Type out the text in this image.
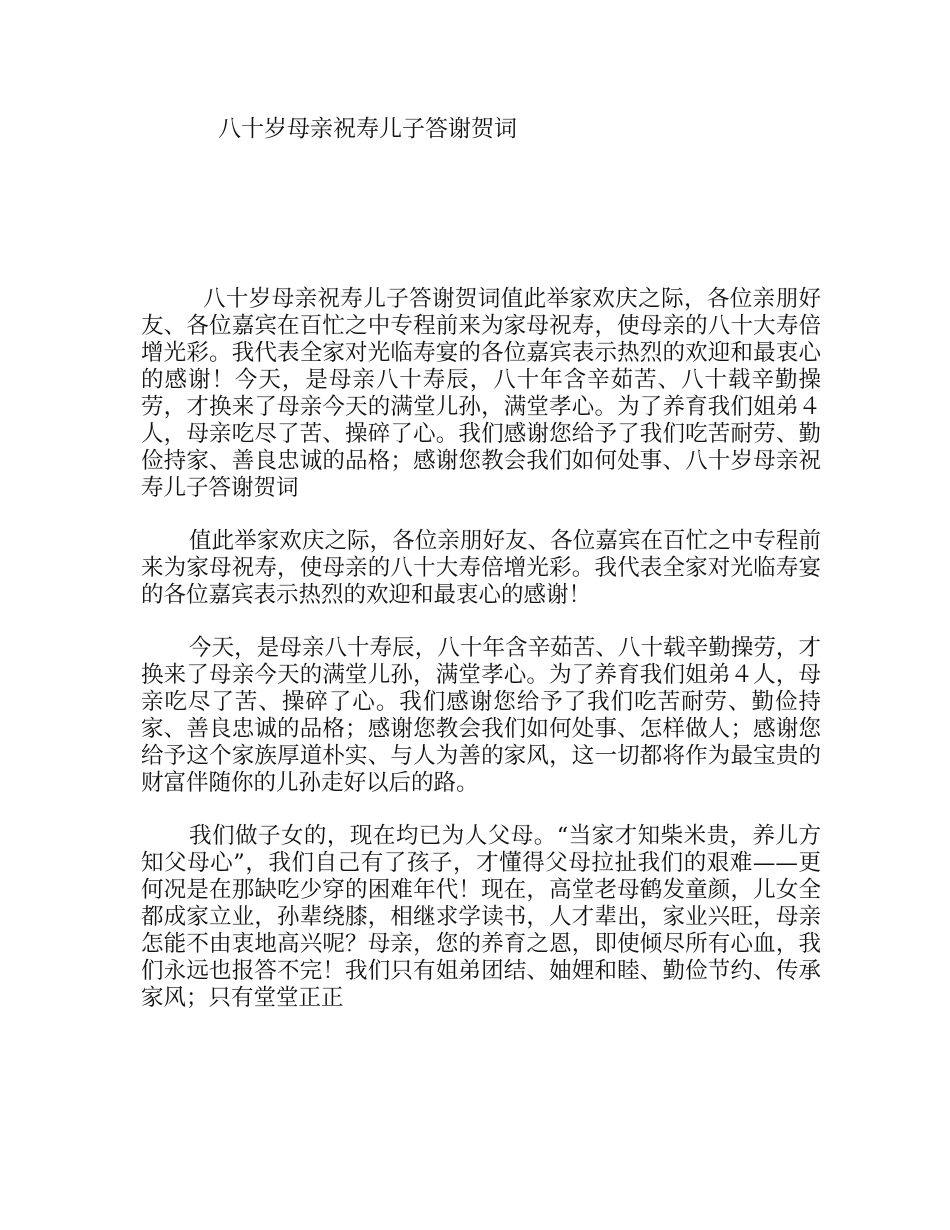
八十岁母亲祝寿儿子答谢贺词

八十岁母亲祝寿儿子答谢贺词值此举家欢庆之际，各位亲朋好友、各位嘉宾在百忙之中专程前来为家母祝寿，使母亲的八十大寿倍增光彩。我代表全家对光临寿宴的各位嘉宾表示热烈的欢迎和最衷心的感谢！今天，是母亲八十寿辰，八十年含辛茹苦、八十载辛勤操劳，才换来了母亲今天的满堂儿孙，满堂孝心。为了养育我们姐弟４人，母亲吃尽了苦、操碎了心。我们感谢您给予了我们吃苦耐劳、勤俭持家、善良忠诚的品格；感谢您教会我们如何处事、八十岁母亲祝寿儿子答谢贺词

值此举家欢庆之际，各位亲朋好友、各位嘉宾在百忙之中专程前来为家母祝寿，使母亲的八十大寿倍增光彩。我代表全家对光临寿宴的各位嘉宾表示热烈的欢迎和最衷心的感谢！

今天，是母亲八十寿辰，八十年含辛茹苦、八十载辛勤操劳，才换来了母亲今天的满堂儿孙，满堂孝心。为了养育我们姐弟４人，母亲吃尽了苦、操碎了心。我们感谢您给予了我们吃苦耐劳、勤俭持家、善良忠诚的品格；感谢您教会我们如何处事、怎样做人；感谢您给予这个家族厚道朴实、与人为善的家风，这一切都将作为最宝贵的财富伴随你的儿孙走好以后的路。

我们做子女的，现在均已为人父母。“当家才知柴米贵，养儿方知父母心”，我们自己有了孩子，才懂得父母拉扯我们的艰难——更何况是在那缺吃少穿的困难年代！现在，高堂老母鹤发童颜，儿女全都成家立业，孙辈绕膝，相继求学读书，人才辈出，家业兴旺，母亲怎能不由衷地高兴呢？母亲，您的养育之恩，即使倾尽所有心血，我们永远也报答不完！我们只有姐弟团结、妯娌和睦、勤俭节约、传承家风；只有堂堂正正
